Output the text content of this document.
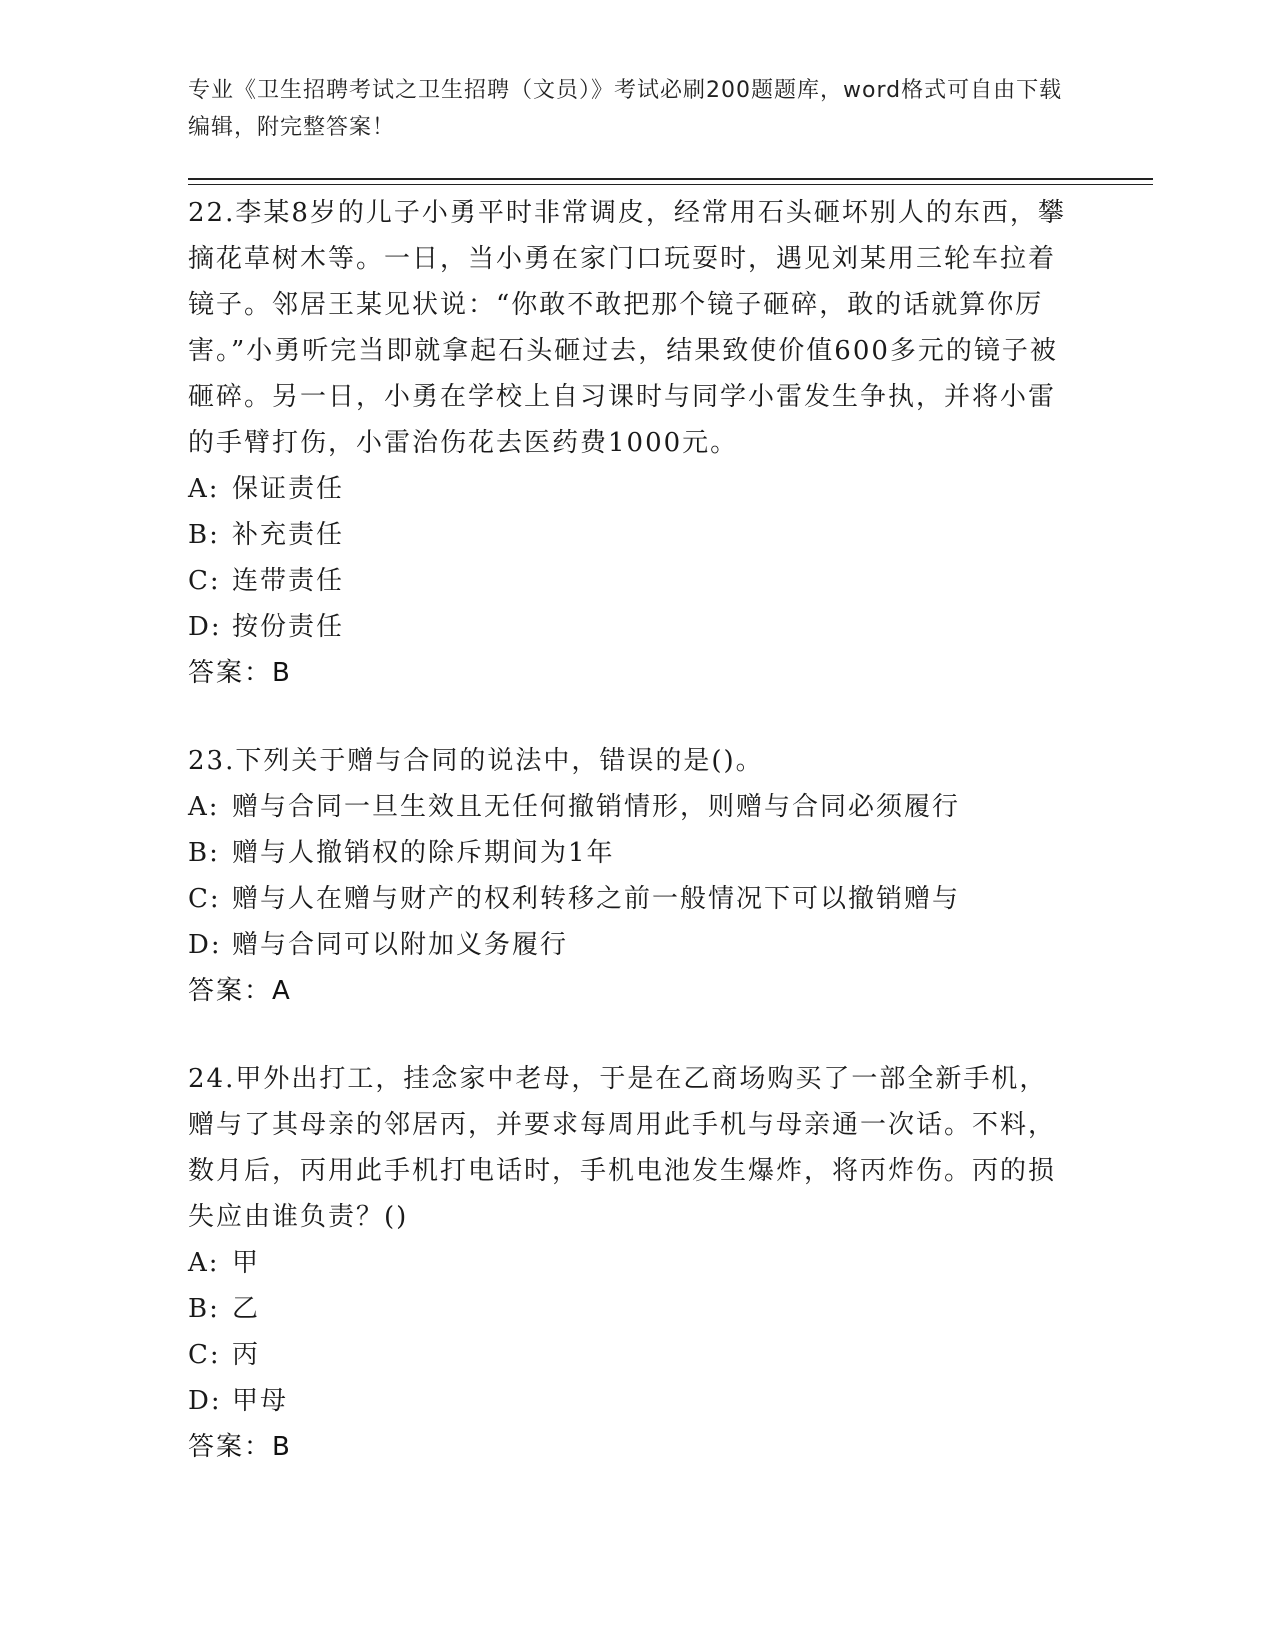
专业《卫生招聘考试之卫生招聘（文员）》考试必刷200题题库，word格式可自由下载编辑，附完整答案！

22.李某8岁的儿子小勇平时非常调皮，经常用石头砸坏别人的东西，攀摘花草树木等。一日，当小勇在家门口玩耍时，遇见刘某用三轮车拉着镜子。邻居王某见状说：“你敢不敢把那个镜子砸碎，敢的话就算你厉害。”小勇听完当即就拿起石头砸过去，结果致使价值600多元的镜子被砸碎。另一日，小勇在学校上自习课时与同学小雷发生争执，并将小雷的手臂打伤，小雷治伤花去医药费1000元。

A: 保证责任

B: 补充责任

C: 连带责任

D: 按份责任

答案：B

23.下列关于赠与合同的说法中，错误的是()。

A: 赠与合同一旦生效且无任何撤销情形，则赠与合同必须履行

B: 赠与人撤销权的除斥期间为1年

C: 赠与人在赠与财产的权利转移之前一般情况下可以撤销赠与

D: 赠与合同可以附加义务履行

答案：A

24.甲外出打工，挂念家中老母，于是在乙商场购买了一部全新手机，赠与了其母亲的邻居丙，并要求每周用此手机与母亲通一次话。不料，数月后，丙用此手机打电话时，手机电池发生爆炸，将丙炸伤。丙的损失应由谁负责？()

A: 甲

B: 乙

C: 丙

D: 甲母

答案：B
